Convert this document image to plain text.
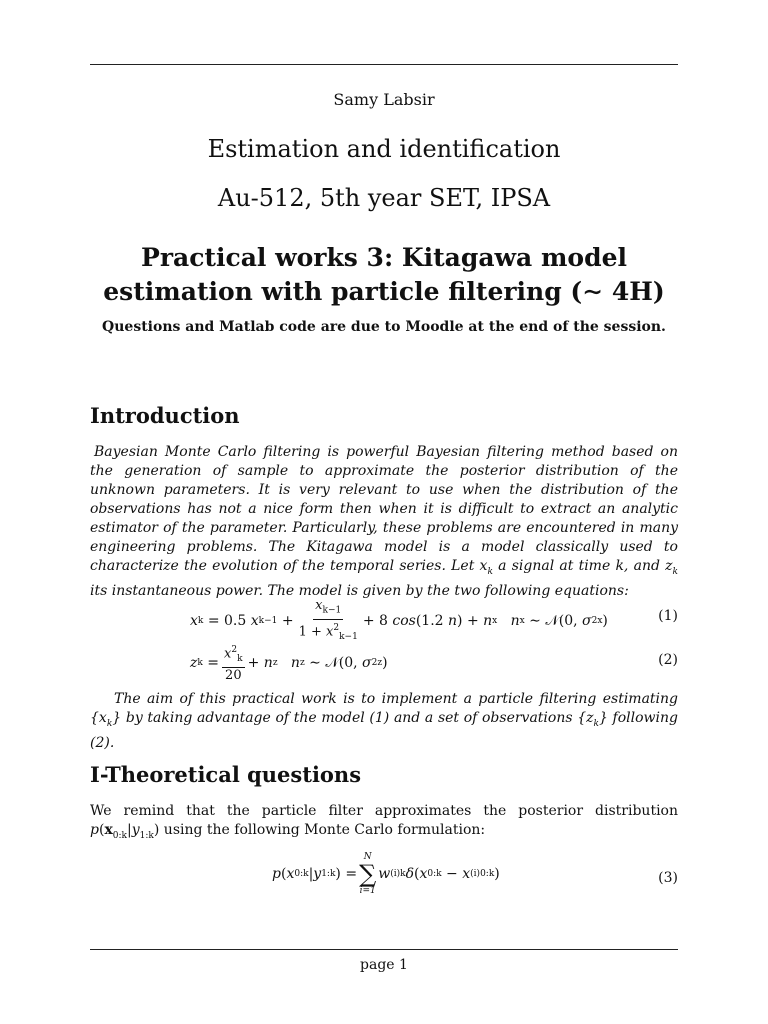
Samy Labsir
Estimation and identification
Au-512, 5th year SET, IPSA
Practical works 3: Kitagawa model
estimation with particle filtering (∼ 4H)
Questions and Matlab code are due to Moodle at the end of the session.
Introduction

Bayesian Monte Carlo filtering is powerful Bayesian filtering method based on the generation of sample to approximate the posterior distribution of the unknown parameters. It is very relevant to use when the distribution of the observations has not a nice form then when it is difficult to extract an analytic estimator of the parameter. Particularly, these problems are encountered in many engineering problems. The Kitagawa model is a model classically used to characterize the evolution of the temporal series. Let $x_k$ a signal at time k, and $z_k$ its instantaneous power. The model is given by the two following equations:

x k = 0.5 x $k-1 + \frac{x_{k-1}}{1 + x^2_{k-1}} + 8$ cos (1.2 n ) + n x
n x ∼ 𝒩(0, σ 2 x )	(1)
z $k = \frac{x^2_k}{20} + n$ z
n z ∼ 𝒩(0, σ 2 z )	(2)

The aim of this practical work is to implement a particle filtering estimating $\{x_k\}$ by taking advantage of the model (1) and a set of observations $\{z_k\}$ following (2).

I-Theoretical questions

We remind that the particle filter approximates the posterior distribution $p(x_{0:k}|y_{1:k})$ using the following Monte Carlo formulation:

p ( x 0:k | y 1:k ) =
N
∑
i=1
w (i) k δ ( x 0:k − x (i) 0:k )	(3)
page 1
